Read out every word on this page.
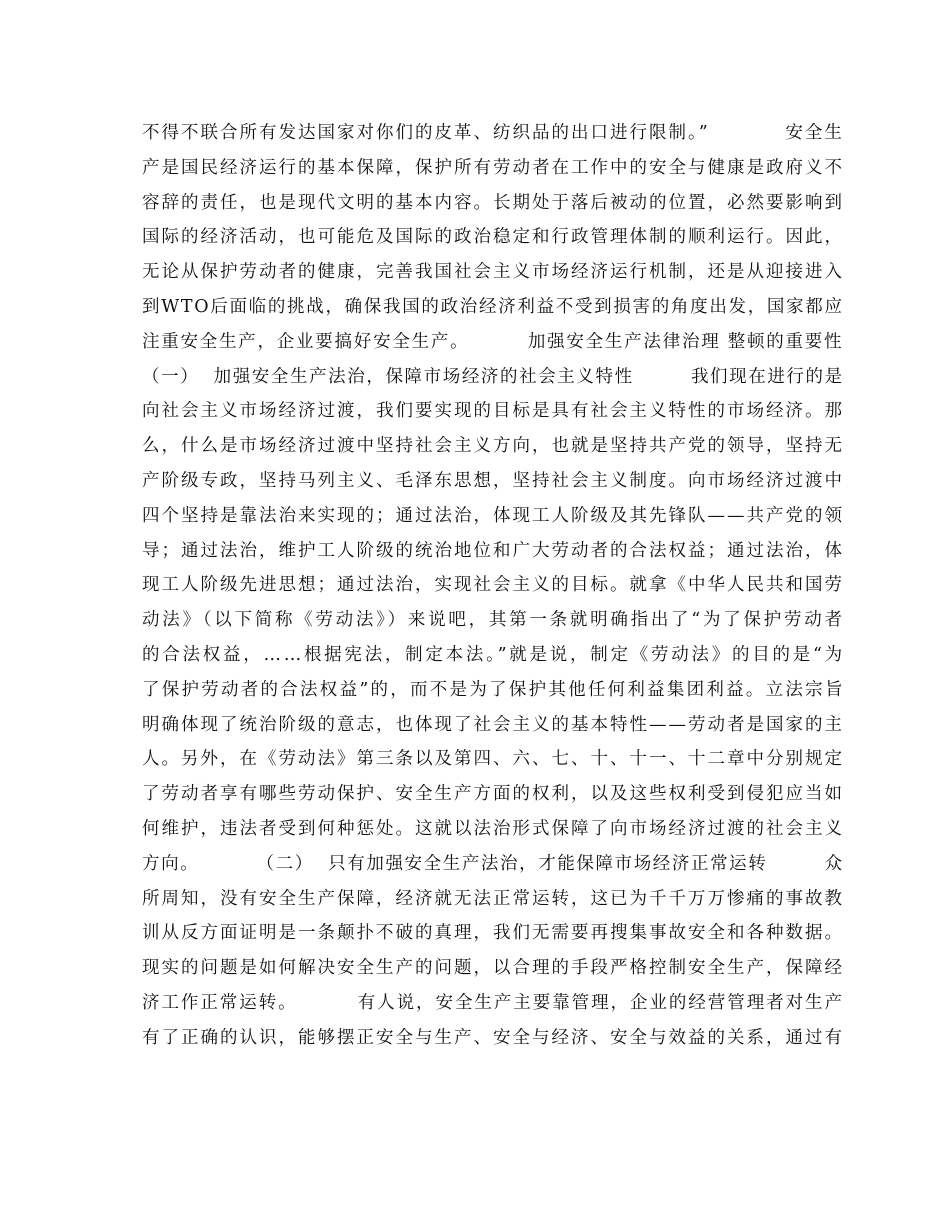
不得不联合所有发达国家对你们的皮革、纺织品的出口进行限制。”          安全生
产是国民经济运行的基本保障，保护所有劳动者在工作中的安全与健康是政府义不
容辞的责任，也是现代文明的基本内容。长期处于落后被动的位置，必然要影响到
国际的经济活动，也可能危及国际的政治稳定和行政管理体制的顺利运行。因此，
无论从保护劳动者的健康，完善我国社会主义市场经济运行机制，还是从迎接进入
到WTO后面临的挑战，确保我国的政治经济利益不受到损害的角度出发，国家都应
注重安全生产，企业要搞好安全生产。        加强安全生产法律治理 整顿的重要性
（一）  加强安全生产法治，保障市场经济的社会主义特性        我们现在进行的是
向社会主义市场经济过渡，我们要实现的目标是具有社会主义特性的市场经济。那
么，什么是市场经济过渡中坚持社会主义方向，也就是坚持共产党的领导，坚持无
产阶级专政，坚持马列主义、毛泽东思想，坚持社会主义制度。向市场经济过渡中
四个坚持是靠法治来实现的；通过法治，体现工人阶级及其先锋队——共产党的领
导；通过法治，维护工人阶级的统治地位和广大劳动者的合法权益；通过法治，体
现工人阶级先进思想；通过法治，实现社会主义的目标。就拿《中华人民共和国劳
动法》（以下简称《劳动法》）来说吧，其第一条就明确指出了“为了保护劳动者
的合法权益，……根据宪法，制定本法。”就是说，制定《劳动法》的目的是“为
了保护劳动者的合法权益”的，而不是为了保护其他任何利益集团利益。立法宗旨
明确体现了统治阶级的意志，也体现了社会主义的基本特性——劳动者是国家的主
人。另外，在《劳动法》第三条以及第四、六、七、十、十一、十二章中分别规定
了劳动者享有哪些劳动保护、安全生产方面的权利，以及这些权利受到侵犯应当如
何维护，违法者受到何种惩处。这就以法治形式保障了向市场经济过渡的社会主义
方向。        （二）  只有加强安全生产法治，才能保障市场经济正常运转        众
所周知，没有安全生产保障，经济就无法正常运转，这已为千千万万惨痛的事故教
训从反方面证明是一条颠扑不破的真理，我们无需要再搜集事故安全和各种数据。
现实的问题是如何解决安全生产的问题，以合理的手段严格控制安全生产，保障经
济工作正常运转。        有人说，安全生产主要靠管理，企业的经营管理者对生产
有了正确的认识，能够摆正安全与生产、安全与经济、安全与效益的关系，通过有
